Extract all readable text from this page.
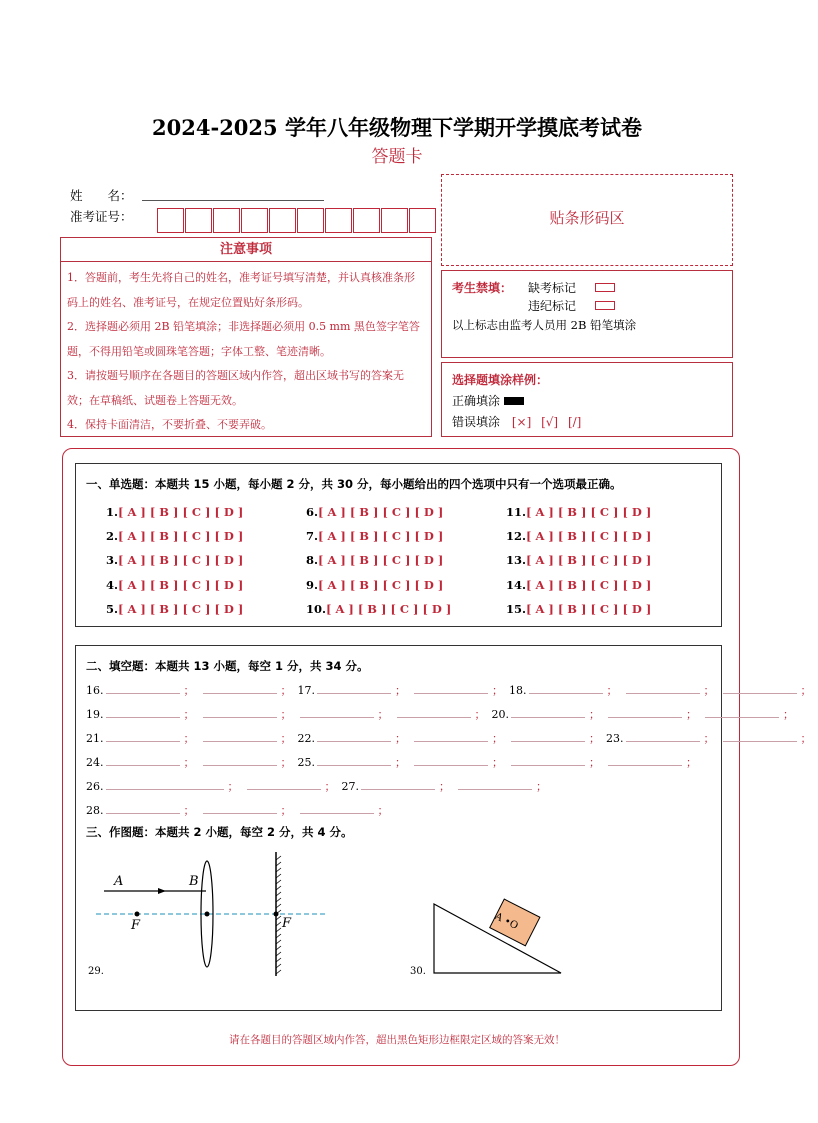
2024-2025 学年八年级物理下学期开学摸底考试卷
答题卡
姓　　名：
准考证号：	贴条形码区
注意事项
1．答题前，考生先将自己的姓名，准考证号填写清楚，并认真核准条形码上的姓名、准考证号，在规定位置贴好条形码。
2．选择题必须用 2B 铅笔填涂；非选择题必须用 0.5 mm 黑色签字笔答题，不得用铅笔或圆珠笔答题；字体工整、笔迹清晰。
3．请按题号顺序在各题目的答题区域内作答，超出区域书写的答案无效；在草稿纸、试题卷上答题无效。
4．保持卡面清洁，不要折叠、不要弄破。
考生禁填： 缺考标记
违纪标记
以上标志由监考人员用 2B 铅笔填涂
选择题填涂样例：
正确填涂
错误填涂 [×] [√] [/]
一、单选题：本题共 15 小题，每小题 2 分，共 30 分，每小题给出的四个选项中只有一个选项最正确。
1.[ A ] [ B ] [ C ] [ D ]
2.[ A ] [ B ] [ C ] [ D ]
3.[ A ] [ B ] [ C ] [ D ]
4.[ A ] [ B ] [ C ] [ D ]
5.[ A ] [ B ] [ C ] [ D ]
6.[ A ] [ B ] [ C ] [ D ]
7.[ A ] [ B ] [ C ] [ D ]
8.[ A ] [ B ] [ C ] [ D ]
9.[ A ] [ B ] [ C ] [ D ]
10.[ A ] [ B ] [ C ] [ D ]
11.[ A ] [ B ] [ C ] [ D ]
12.[ A ] [ B ] [ C ] [ D ]
13.[ A ] [ B ] [ C ] [ D ]
14.[ A ] [ B ] [ C ] [ D ]
15.[ A ] [ B ] [ C ] [ D ]
二、填空题：本题共 13 小题，每空 1 分，共 34 分。
16.	；	； 17.	；	； 18.	；	；	；
19.	；	；	；	； 20.	；	；	；
21.	；	； 22.	；	；	； 23.	；	；
24.	；	； 25.	；	；	；	；
26.	；	； 27.	；	；
28.	；	；	；
三、作图题：本题共 2 小题，每空 2 分，共 4 分。
A	B
F	F
29.
A •O
30.
请在各题目的答题区域内作答，超出黑色矩形边框限定区域的答案无效！
